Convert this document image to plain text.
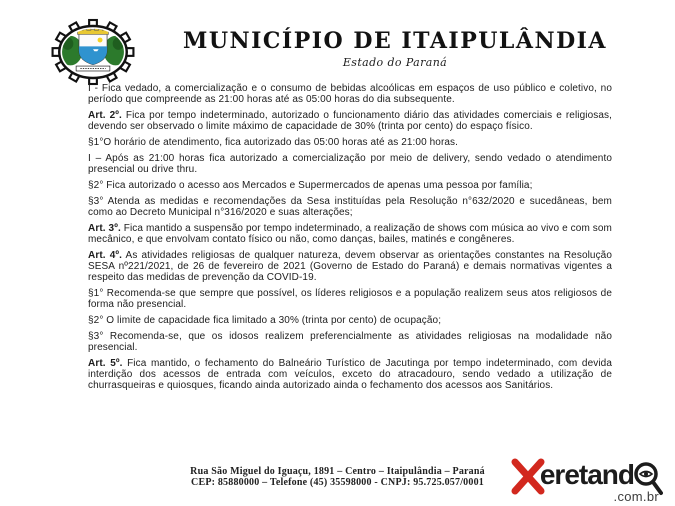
MUNICÍPIO DE ITAIPULÂNDIA
Estado do Paraná

I - Fica vedado, a comercialização e o consumo de bebidas alcoólicas em espaços de uso público e coletivo, no período que compreende as 21:00 horas até as 05:00 horas do dia subsequente.

Art. 2º. Fica por tempo indeterminado, autorizado o funcionamento diário das atividades comerciais e religiosas, devendo ser observado o limite máximo de capacidade de 30% (trinta por cento) do espaço físico.

§1°O horário de atendimento, fica autorizado das 05:00 horas até as 21:00 horas.

I – Após as 21:00 horas fica autorizado a comercialização por meio de delivery, sendo vedado o atendimento presencial ou drive thru.

§2° Fica autorizado o acesso aos Mercados e Supermercados de apenas uma pessoa por família;

§3° Atenda as medidas e recomendações da Sesa instituídas pela Resolução n°632/2020 e sucedâneas, bem como ao Decreto Municipal n°316/2020 e suas alterações;

Art. 3º. Fica mantido a suspensão por tempo indeterminado, a realização de shows com música ao vivo e com som mecânico, e que envolvam contato físico ou não, como danças, bailes, matinés e congêneres.

Art. 4º. As atividades religiosas de qualquer natureza, devem observar as orientações constantes na Resolução SESA nº221/2021, de 26 de fevereiro de 2021 (Governo de Estado do Paraná) e demais normativas vigentes a respeito das medidas de prevenção da COVID-19.

§1° Recomenda-se que sempre que possível, os líderes religiosos e a população realizem seus atos religiosos de forma não presencial.

§2° O limite de capacidade fica limitado a 30% (trinta por cento) de ocupação;

§3° Recomenda-se, que os idosos realizem preferencialmente as atividades religiosas na modalidade não presencial.

Art. 5º. Fica mantido, o fechamento do Balneário Turístico de Jacutinga por tempo indeterminado, com devida interdição dos acessos de entrada com veículos, exceto do atracadouro, sendo vedado a utilização de churrasqueiras e quiosques, ficando ainda autorizado ainda o fechamento dos acessos aos Sanitários.

Rua São Miguel do Iguaçu, 1891 – Centro – Itaipulândia – Paraná
CEP: 85880000 – Telefone (45) 35598000 - CNPJ: 95.725.057/0001	eretand
.com.br
